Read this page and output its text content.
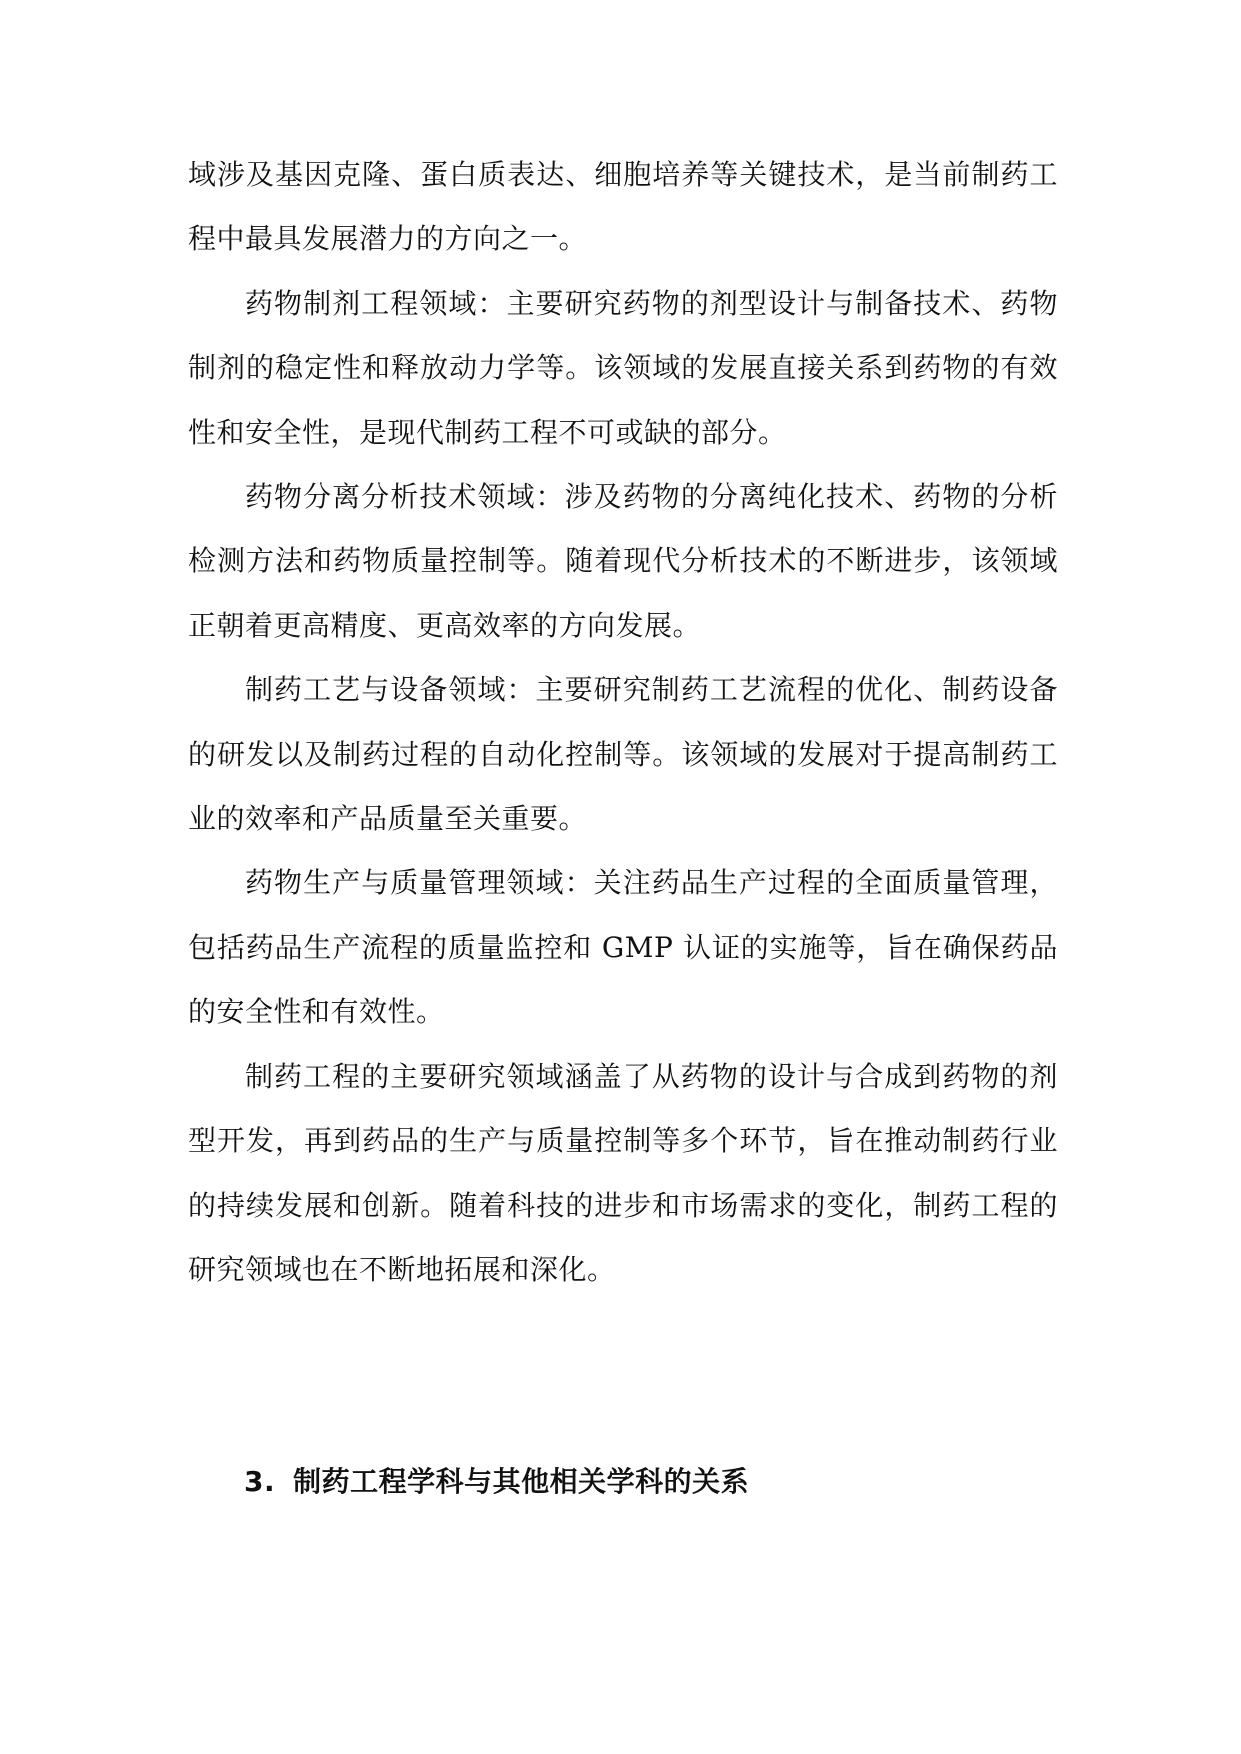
域涉及基因克隆、蛋白质表达、细胞培养等关键技术，是当前制药工程中最具发展潜力的方向之一。

药物制剂工程领域：主要研究药物的剂型设计与制备技术、药物制剂的稳定性和释放动力学等。该领域的发展直接关系到药物的有效性和安全性，是现代制药工程不可或缺的部分。

药物分离分析技术领域：涉及药物的分离纯化技术、药物的分析检测方法和药物质量控制等。随着现代分析技术的不断进步，该领域正朝着更高精度、更高效率的方向发展。

制药工艺与设备领域：主要研究制药工艺流程的优化、制药设备的研发以及制药过程的自动化控制等。该领域的发展对于提高制药工业的效率和产品质量至关重要。

药物生产与质量管理领域：关注药品生产过程的全面质量管理，包括药品生产流程的质量监控和 GMP 认证的实施等，旨在确保药品的安全性和有效性。

制药工程的主要研究领域涵盖了从药物的设计与合成到药物的剂型开发，再到药品的生产与质量控制等多个环节，旨在推动制药行业的持续发展和创新。随着科技的进步和市场需求的变化，制药工程的研究领域也在不断地拓展和深化。

3. 制药工程学科与其他相关学科的关系
